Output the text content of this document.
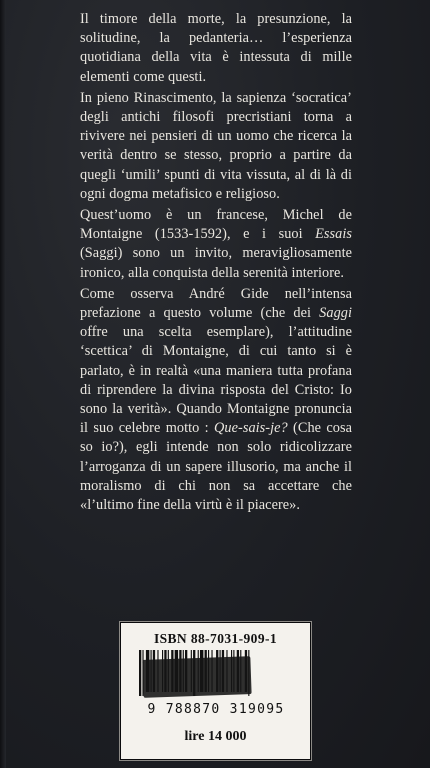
Il timore della morte, la presunzione, la solitudine, la pedanteria… l’esperienza quotidiana della vita è intessuta di mille elementi come questi.

In pieno Rinascimento, la sapienza ‘socratica’ degli antichi filosofi precristiani torna a rivivere nei pensieri di un uomo che ricerca la verità dentro se stesso, proprio a partire da quegli ‘umili’ spunti di vita vissuta, al di là di ogni dogma metafisico e religioso.

Quest’uomo è un francese, Michel de Montaigne (1533-1592), e i suoi Essais (Saggi) sono un invito, meravigliosamente ironico, alla conquista della serenità interiore.

Come osserva André Gide nell’intensa prefazione a questo volume (che dei Saggi offre una scelta esemplare), l’attitudine ‘scettica’ di Montaigne, di cui tanto si è parlato, è in realtà «una maniera tutta profana di riprendere la divina risposta del Cristo: Io sono la verità». Quando Montaigne pronuncia il suo celebre motto : Que-sais-je? (Che cosa so io?), egli intende non solo ridicolizzare l’arroganza di un sapere illusorio, ma anche il moralismo di chi non sa accettare che «l’ultimo fine della virtù è il piacere».

ISBN 88-7031-909-1
9 788870 319095
lire 14 000
